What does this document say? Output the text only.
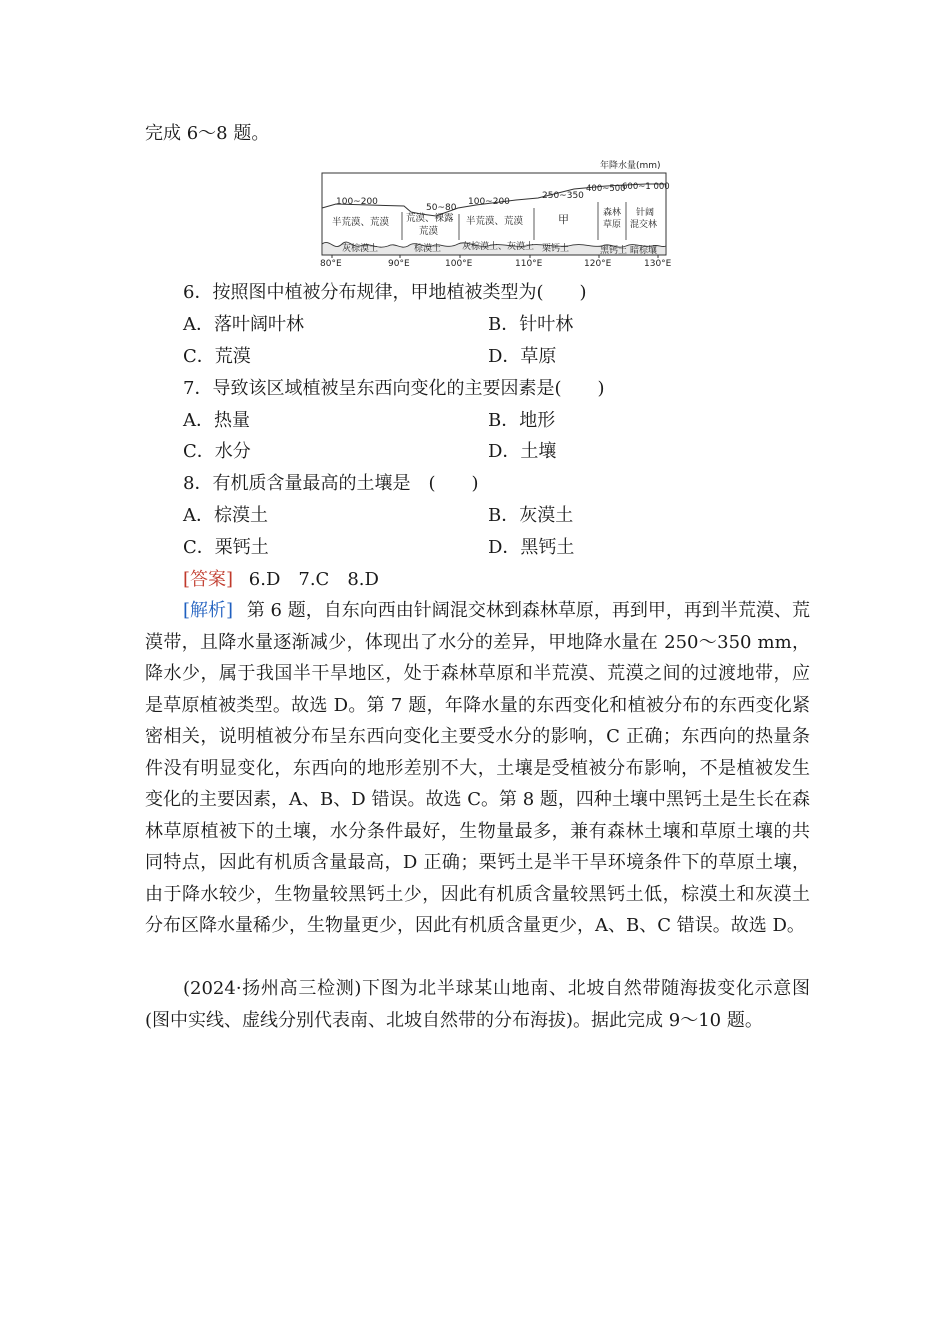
完成 6～8 题。
年降水量(mm)
100~200
50~80
100~200
250~350
400~500
600~1 000
半荒漠、荒漠 荒漠、裸露
荒漠
半荒漠、荒漠	甲	森林
草原
针阔
混交林
灰棕漠土	棕漠土 灰棕漠土、灰漠土 栗钙土	黑钙土 暗棕壤
80°E	90°E	100°E	110°E	120°E	130°E
6．按照图中植被分布规律，甲地植被类型为(　　)
A．落叶阔叶林	B．针叶林
C．荒漠	D．草原
7．导致该区域植被呈东西向变化的主要因素是(　　)
A．热量	B．地形
C．水分	D．土壤
8．有机质含量最高的土壤是　(　　)
A．棕漠土	B．灰漠土
C．栗钙土	D．黑钙土
[答案] 6.D　7.C　8.D
[解析] 第 6 题，自东向西由针阔混交林到森林草原，再到甲，再到半荒漠、荒漠带，且降水量逐渐减少，体现出了水分的差异，甲地降水量在 250～350 mm，降水少，属于我国半干旱地区，处于森林草原和半荒漠、荒漠之间的过渡地带，应是草原植被类型。故选 D。第 7 题，年降水量的东西变化和植被分布的东西变化紧密相关，说明植被分布呈东西向变化主要受水分的影响，C 正确；东西向的热量条件没有明显变化，东西向的地形差别不大，土壤是受植被分布影响，不是植被发生变化的主要因素，A、B、D 错误。故选 C。第 8 题，四种土壤中黑钙土是生长在森林草原植被下的土壤，水分条件最好，生物量最多，兼有森林土壤和草原土壤的共同特点，因此有机质含量最高，D 正确；栗钙土是半干旱环境条件下的草原土壤，由于降水较少，生物量较黑钙土少，因此有机质含量较黑钙土低，棕漠土和灰漠土分布区降水量稀少，生物量更少，因此有机质含量更少，A、B、C 错误。故选 D。
(2024·扬州高三检测)下图为北半球某山地南、北坡自然带随海拔变化示意图(图中实线、虚线分别代表南、北坡自然带的分布海拔)。据此完成 9～10 题。
